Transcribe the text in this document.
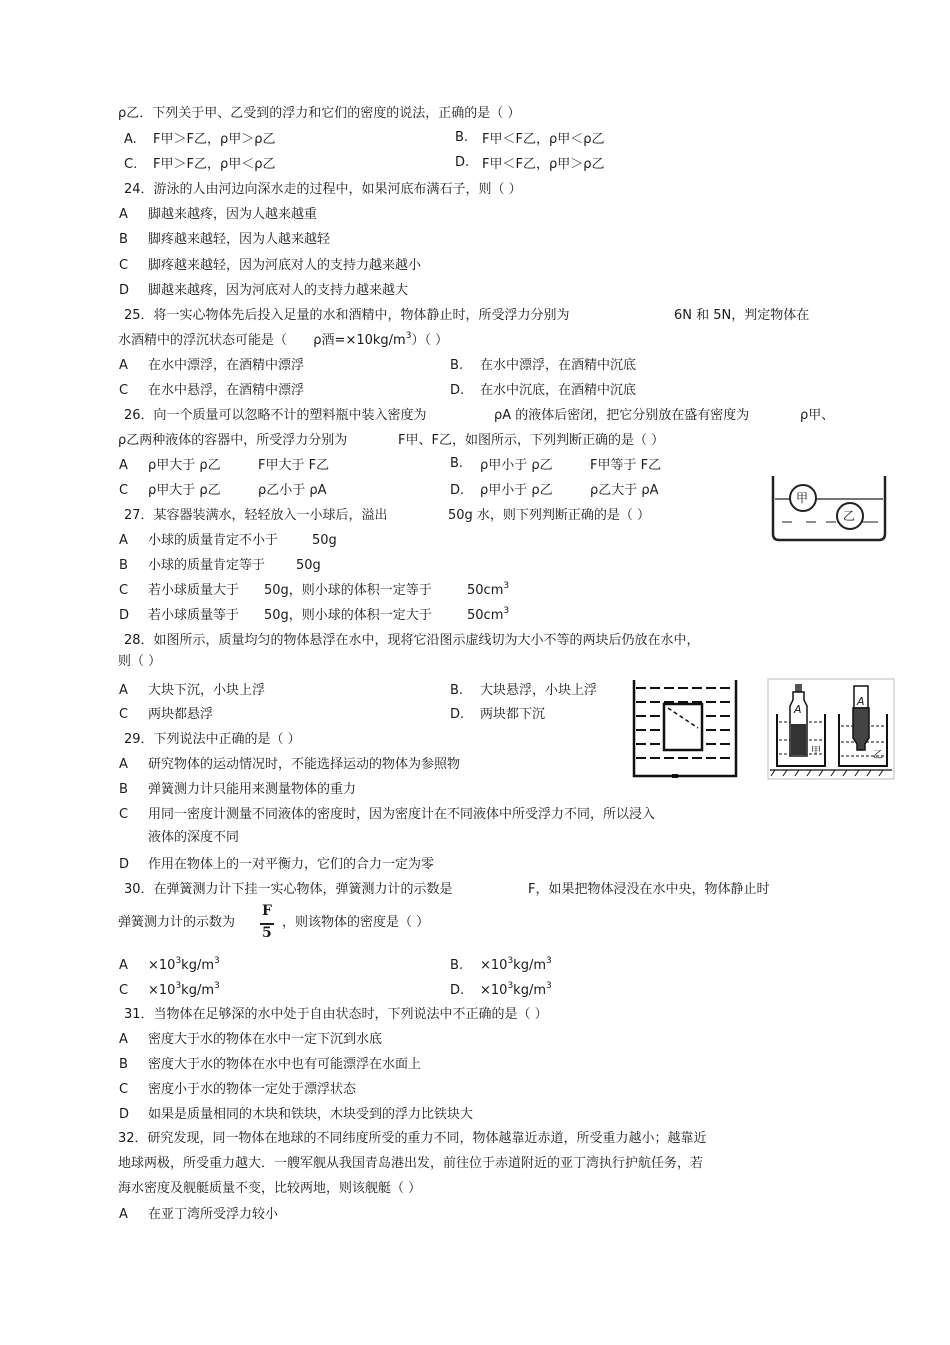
ρ乙．下列关于甲、乙受到的浮力和它们的密度的说法，正确的是（ ）
A. F甲＞F乙，ρ甲＞ρ乙	B. F甲＜F乙，ρ甲＜ρ乙
C. F甲＞F乙，ρ甲＜ρ乙	D. F甲＜F乙，ρ甲＞ρ乙
24．游泳的人由河边向深水走的过程中，如果河底布满石子，则（ ）
A 脚越来越疼，因为人越来越重
B 脚疼越来越轻，因为人越来越轻
C 脚疼越来越轻，因为河底对人的支持力越来越小
D 脚越来越疼，因为河底对人的支持力越来越大
25．将一实心物体先后投入足量的水和酒精中，物体静止时，所受浮力分别为	6N 和 5N，判定物体在
水酒精中的浮沉状态可能是（ ρ酒$=\times 10kg/m^3$）（ ）
A 在水中漂浮，在酒精中漂浮	B. 在水中漂浮，在酒精中沉底
C 在水中悬浮，在酒精中漂浮	D. 在水中沉底，在酒精中沉底
26．向一个质量可以忽略不计的塑料瓶中装入密度为	ρA 的液体后密闭，把它分别放在盛有密度为	ρ甲、
ρ乙两种液体的容器中，所受浮力分别为	F甲、F乙，如图所示，下列判断正确的是（ ）
A ρ甲大于 ρ乙	F甲大于 F乙	B. ρ甲小于 ρ乙	F甲等于 F乙
C ρ甲大于 ρ乙	ρ乙小于 ρA	D. ρ甲小于 ρ乙	ρ乙大于 ρA	甲
乙
27．某容器装满水，轻轻放入一小球后，溢出	50g 水，则下列判断正确的是（ ）
A 小球的质量肯定不小于	50g
B 小球的质量肯定等于 50g
C 若小球质量大于 50g，则小球的体积一定等于	$50cm^3$
D 若小球质量等于 50g，则小球的体积一定大于	$50cm^3$
28．如图所示，质量均匀的物体悬浮在水中，现将它沿图示虚线切为大小不等的两块后仍放在水中，
则（ ）
A 大块下沉，小块上浮	B. 大块悬浮，小块上浮
C 两块都悬浮	D. 两块都下沉	A
A
甲	乙
29．下列说法中正确的是（ ）
A 研究物体的运动情况时，不能选择运动的物体为参照物
B 弹簧测力计只能用来测量物体的重力
C 用同一密度计测量不同液体的密度时，因为密度计在不同液体中所受浮力不同，所以浸入
液体的深度不同
D 作用在物体上的一对平衡力，它们的合力一定为零
30．在弹簧测力计下挂一实心物体，弹簧测力计的示数是	F，如果把物体浸没在水中央，物体静止时
弹簧测力计的示数为
F
5
，则该物体的密度是（ ）
$A \times 10^3kg/m^3$	B. $\times 10^3kg/m^3$
$C \times 10^3kg/m^3$	D. $\times 10^3kg/m^3$
31．当物体在足够深的水中处于自由状态时，下列说法中不正确的是（ ）
A 密度大于水的物体在水中一定下沉到水底
B 密度大于水的物体在水中也有可能漂浮在水面上
C 密度小于水的物体一定处于漂浮状态
D 如果是质量相同的木块和铁块，木块受到的浮力比铁块大
32．研究发现，同一物体在地球的不同纬度所受的重力不同，物体越靠近赤道，所受重力越小；越靠近
地球两极，所受重力越大．一艘军舰从我国青岛港出发，前往位于赤道附近的亚丁湾执行护航任务，若
海水密度及舰艇质量不变，比较两地，则该舰艇（ ）
A 在亚丁湾所受浮力较小
